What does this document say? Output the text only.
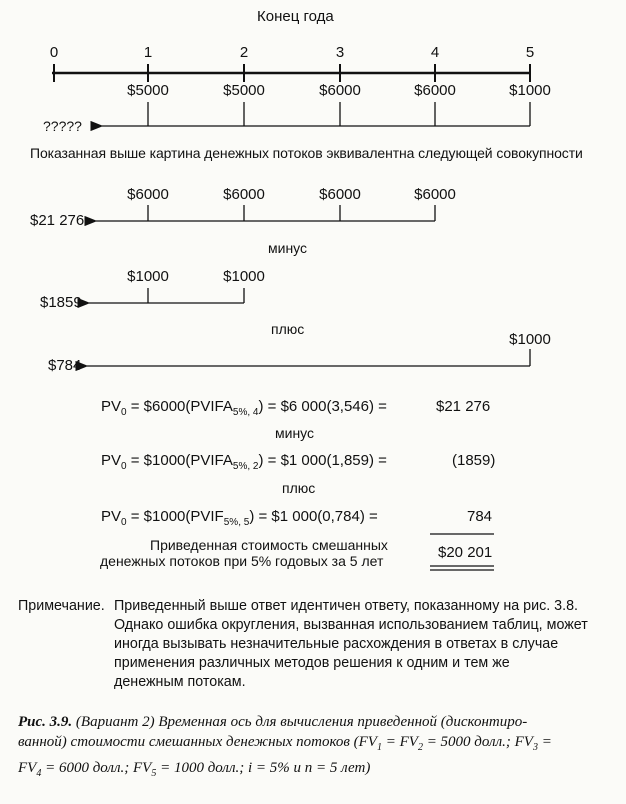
Конец года
0	1	2	3	4	5
$5000	$5000	$6000	$6000	$1000
?????
Показанная выше картина денежных потоков эквивалентна следующей совокупности
$6000	$6000	$6000	$6000
$21 276
минус
$1000	$1000
$1859
плюс
$1000
$784
$PV_0$ = $\$6000(PVIFA_{5\%, 4})$ = $6 000(3,546) =	$21 276
минус
$PV_0$ = $\$1000(PVIFA_{5\%, 2})$ = $1 000(1,859) =	(1859)
плюс
$PV_0$ = $\$1000(PVIF_{5\%, 5})$ = $1 000(0,784) =	784
Приведенная стоимость смешанных
денежных потоков при 5% годовых за 5 лет	$20 201
Примечание. Приведенный выше ответ идентичен ответу, показанному на рис. 3.8.
Однако ошибка округления, вызванная использованием таблиц, может
иногда вызывать незначительные расхождения в ответах в случае
применения различных методов решения к одним и тем же
денежным потокам.
Рис. 3.9. (Вариант 2) Временная ось для вычисления приведенной (дисконтиро-
ванной) стоимости смешанных денежных потоков ($FV_1 = FV_2 = 5000$ долл.; $FV_3$ =
$FV_4 = 6000$ долл.; $FV_5 = 1000$ долл.; i = 5% и n = 5 лет)
